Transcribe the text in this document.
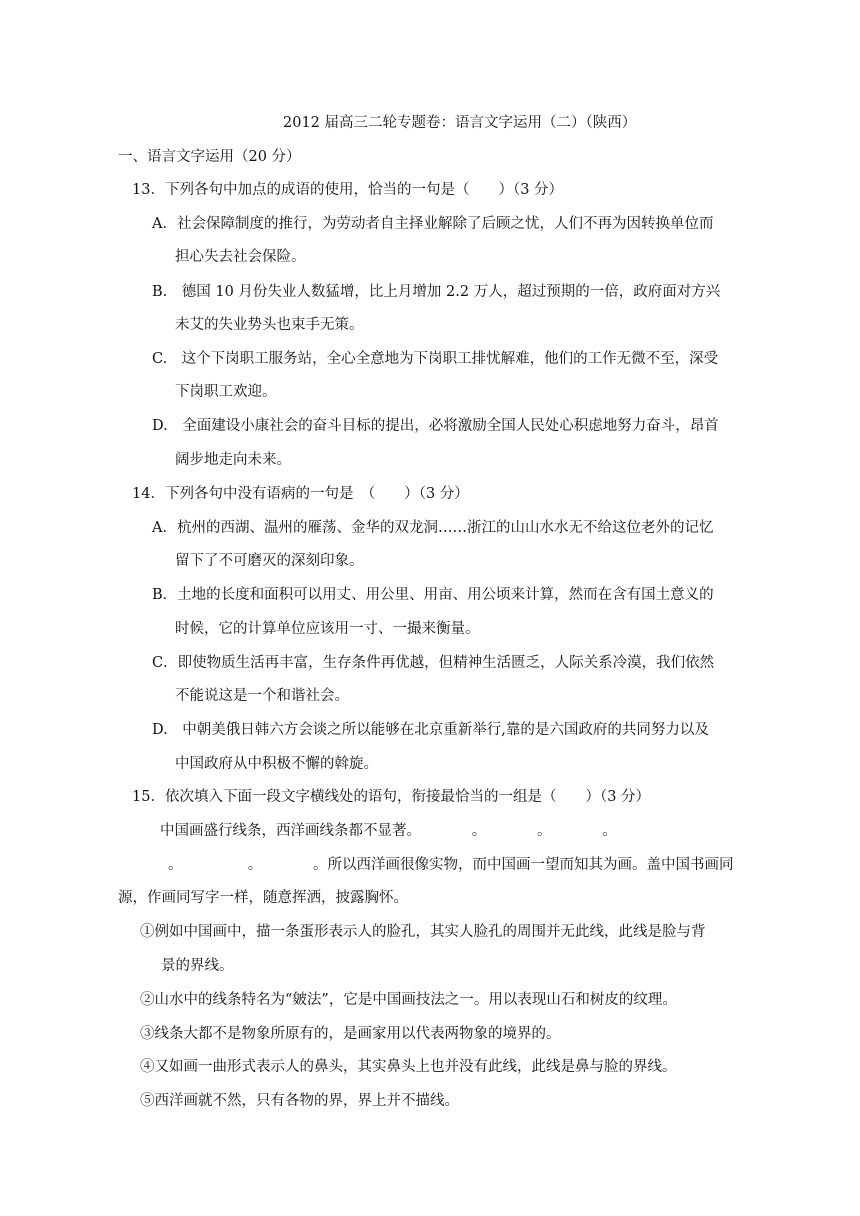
2012 届高三二轮专题卷：语言文字运用（二）（陕西）
一、语言文字运用（20 分）
13．下列各句中加点的成语的使用，恰当的一句是（　　）（3 分）
A．社会保障制度的推行，为劳动者自主择业解除了后顾之忧，人们不再为因转换单位而
担心失去社会保险。
B.　德国 10 月份失业人数猛增，比上月增加 2.2 万人，超过预期的一倍，政府面对方兴
未艾的失业势头也束手无策。
C.　这个下岗职工服务站，全心全意地为下岗职工排忧解难，他们的工作无微不至，深受
下岗职工欢迎。
D.　全面建设小康社会的奋斗目标的提出，必将激励全国人民处心积虑地努力奋斗，昂首
阔步地走向未来。
14．下列各句中没有语病的一句是　（　　）（3 分）
A．杭州的西湖、温州的雁荡、金华的双龙洞……浙江的山山水水无不给这位老外的记忆
留下了不可磨灭的深刻印象。
B．土地的长度和面积可以用丈、用公里、用亩、用公顷来计算，然而在含有国土意义的
时候，它的计算单位应该用一寸、一撮来衡量。
C．即使物质生活再丰富，生存条件再优越，但精神生活匮乏，人际关系冷漠，我们依然
不能说这是一个和谐社会。
D.　中朝美俄日韩六方会谈之所以能够在北京重新举行,靠的是六国政府的共同努力以及
中国政府从中积极不懈的斡旋。
15．依次填入下面一段文字横线处的语句，衔接最恰当的一组是（　　）（3 分）
中国画盛行线条，西洋画线条都不显著。　　　　。　　　　。　　　　。
。　　　　　。　　　　。所以西洋画很像实物，而中国画一望而知其为画。盖中国书画同
源，作画同写字一样，随意挥洒，披露胸怀。
①例如中国画中，描一条蛋形表示人的脸孔，其实人脸孔的周围并无此线，此线是脸与背
景的界线。
②山水中的线条特名为“皴法”，它是中国画技法之一。用以表现山石和树皮的纹理。
③线条大都不是物象所原有的，是画家用以代表两物象的境界的。
④又如画一曲形式表示人的鼻头，其实鼻头上也并没有此线，此线是鼻与脸的界线。
⑤西洋画就不然，只有各物的界，界上并不描线。
